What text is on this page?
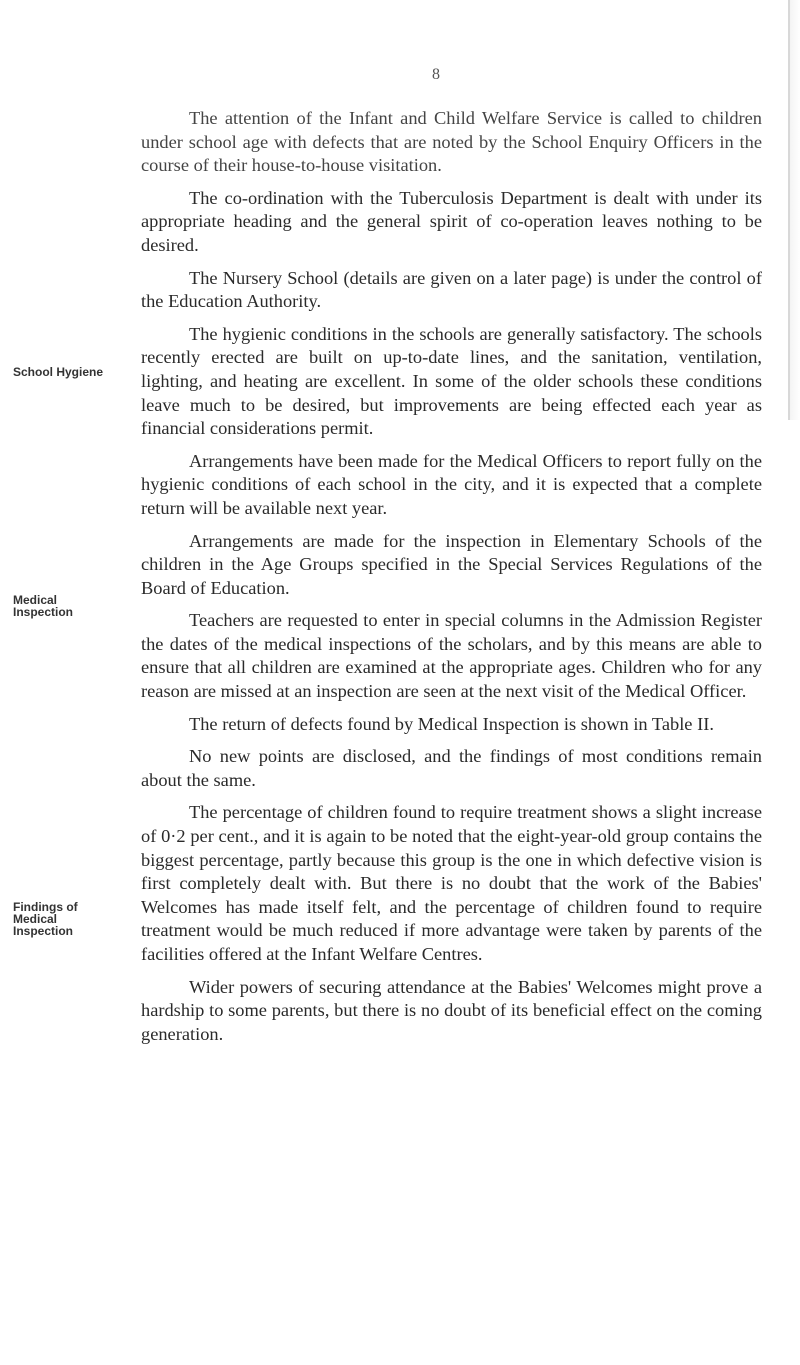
8
School Hygiene
Medical Inspection
Findings of Medical Inspection

The attention of the Infant and Child Welfare Service is called to children under school age with defects that are noted by the School Enquiry Officers in the course of their house-to-house visitation.

The co-ordination with the Tuberculosis Department is dealt with under its appropriate heading and the general spirit of co-operation leaves nothing to be desired.

The Nursery School (details are given on a later page) is under the control of the Education Authority.

The hygienic conditions in the schools are generally satisfactory. The schools recently erected are built on up-to-date lines, and the sanitation, ventilation, lighting, and heating are excellent. In some of the older schools these conditions leave much to be desired, but improvements are being effected each year as financial considerations permit.

Arrangements have been made for the Medical Officers to report fully on the hygienic conditions of each school in the city, and it is expected that a complete return will be available next year.

Arrangements are made for the inspection in Elementary Schools of the children in the Age Groups specified in the Special Services Regulations of the Board of Education.

Teachers are requested to enter in special columns in the Admission Register the dates of the medical inspections of the scholars, and by this means are able to ensure that all children are examined at the appropriate ages. Children who for any reason are missed at an inspection are seen at the next visit of the Medical Officer.

The return of defects found by Medical Inspection is shown in Table II.

No new points are disclosed, and the findings of most conditions remain about the same.

The percentage of children found to require treatment shows a slight increase of 0·2 per cent., and it is again to be noted that the eight-year-old group contains the biggest percentage, partly because this group is the one in which defective vision is first completely dealt with. But there is no doubt that the work of the Babies' Welcomes has made itself felt, and the percentage of children found to require treatment would be much reduced if more advantage were taken by parents of the facilities offered at the Infant Welfare Centres.

Wider powers of securing attendance at the Babies' Welcomes might prove a hardship to some parents, but there is no doubt of its beneficial effect on the coming generation.
